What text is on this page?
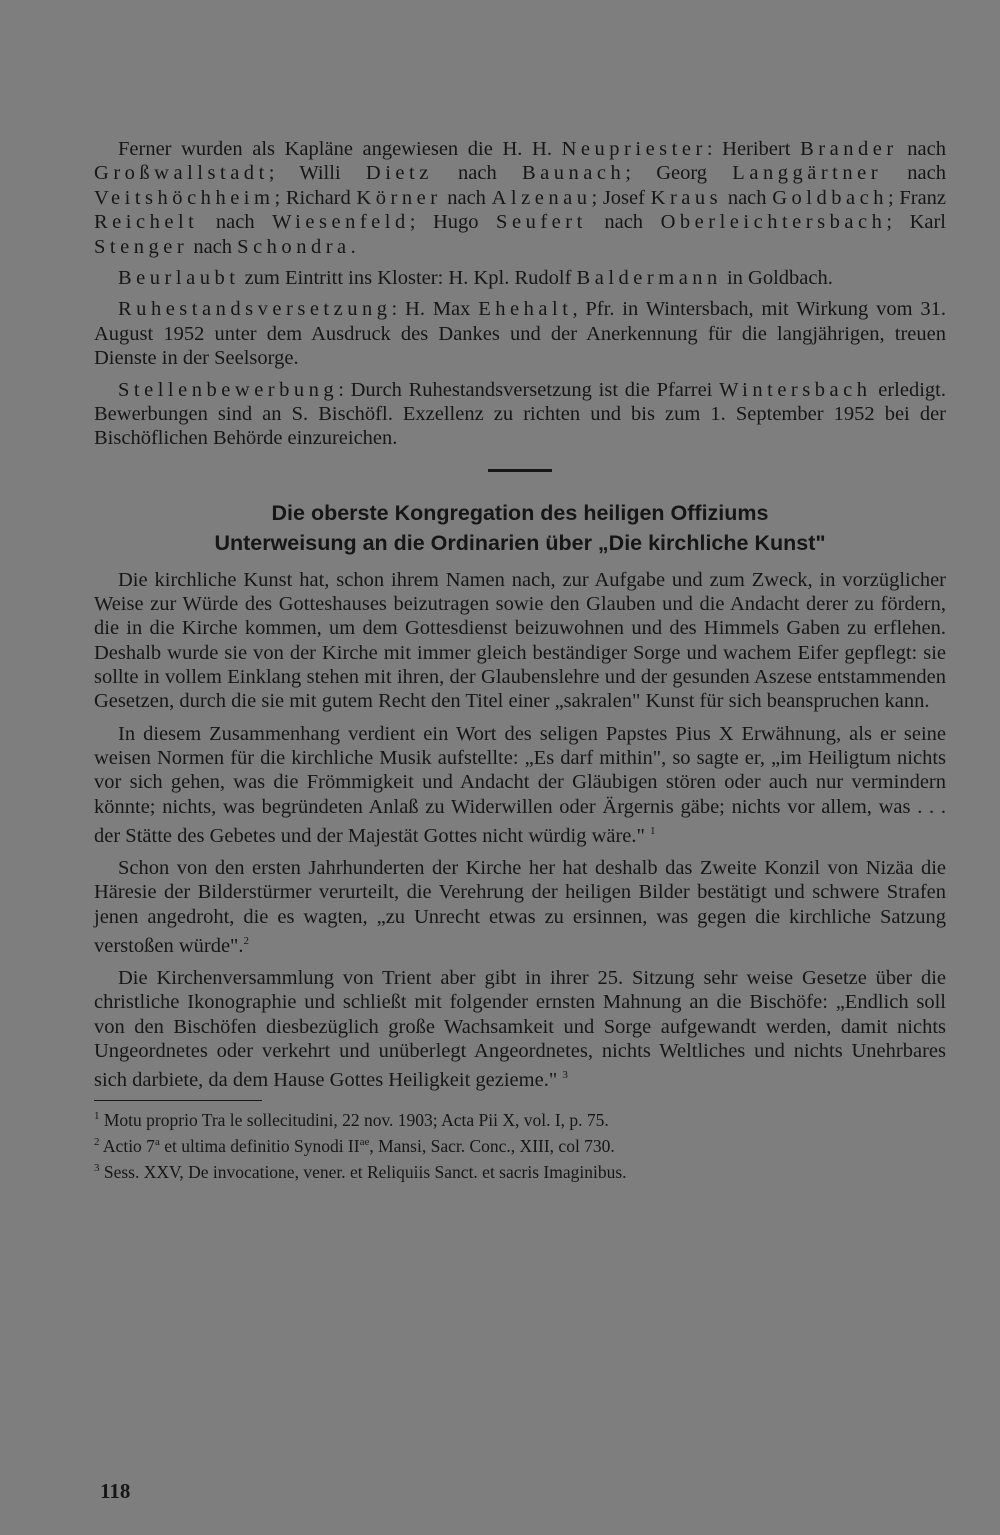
Ferner wurden als Kapläne angewiesen die H. H. Neupriester: Heribert Brander nach Großwallstadt; Willi Dietz nach Baunach; Georg Langgärtner nach Veitshöchheim; Richard Körner nach Alzenau; Josef Kraus nach Goldbach; Franz Reichelt nach Wiesenfeld; Hugo Seufert nach Oberleichtersbach; Karl Stenger nach Schondra.

Beurlaubt zum Eintritt ins Kloster: H. Kpl. Rudolf Baldermann in Goldbach.

Ruhestandsversetzung: H. Max Ehehalt, Pfr. in Wintersbach, mit Wirkung vom 31. August 1952 unter dem Ausdruck des Dankes und der Anerkennung für die langjährigen, treuen Dienste in der Seelsorge.

Stellenbewerbung: Durch Ruhestandsversetzung ist die Pfarrei Wintersbach erledigt. Bewerbungen sind an S. Bischöfl. Exzellenz zu richten und bis zum 1. September 1952 bei der Bischöflichen Behörde einzureichen.

Die oberste Kongregation des heiligen Offiziums
Unterweisung an die Ordinarien über „Die kirchliche Kunst"

Die kirchliche Kunst hat, schon ihrem Namen nach, zur Aufgabe und zum Zweck, in vorzüglicher Weise zur Würde des Gotteshauses beizutragen sowie den Glauben und die Andacht derer zu fördern, die in die Kirche kommen, um dem Gottesdienst beizuwohnen und des Himmels Gaben zu erflehen. Deshalb wurde sie von der Kirche mit immer gleich beständiger Sorge und wachem Eifer gepflegt: sie sollte in vollem Einklang stehen mit ihren, der Glaubenslehre und der gesunden Aszese entstammenden Gesetzen, durch die sie mit gutem Recht den Titel einer „sakralen" Kunst für sich beanspruchen kann.

In diesem Zusammenhang verdient ein Wort des seligen Papstes Pius X Erwähnung, als er seine weisen Normen für die kirchliche Musik aufstellte: „Es darf mithin", so sagte er, „im Heiligtum nichts vor sich gehen, was die Frömmigkeit und Andacht der Gläubigen stören oder auch nur vermindern könnte; nichts, was begründeten Anlaß zu Widerwillen oder Ärgernis gäbe; nichts vor allem, was . . . der Stätte des Gebetes und der Majestät Gottes nicht würdig wäre." $^1$

Schon von den ersten Jahrhunderten der Kirche her hat deshalb das Zweite Konzil von Nizäa die Häresie der Bilderstürmer verurteilt, die Verehrung der heiligen Bilder bestätigt und schwere Strafen jenen angedroht, die es wagten, „zu Unrecht etwas zu ersinnen, was gegen die kirchliche Satzung verstoßen würde".$^2$

Die Kirchenversammlung von Trient aber gibt in ihrer 25. Sitzung sehr weise Gesetze über die christliche Ikonographie und schließt mit folgender ernsten Mahnung an die Bischöfe: „Endlich soll von den Bischöfen diesbezüglich große Wachsamkeit und Sorge aufgewandt werden, damit nichts Ungeordnetes oder verkehrt und unüberlegt Angeordnetes, nichts Weltliches und nichts Unehrbares sich darbiete, da dem Hause Gottes Heiligkeit gezieme." $^3$

$^1$ Motu proprio Tra le sollecitudini, 22 nov. 1903; Acta Pii X, vol. I, p. 75.

$^2$ Actio 7$^a$ et ultima definitio Synodi $II^{ae}$, Mansi, Sacr. Conc., XIII, col 730.

$^3$ Sess. XXV, De invocatione, vener. et Reliquiis Sanct. et sacris Imaginibus.

118
